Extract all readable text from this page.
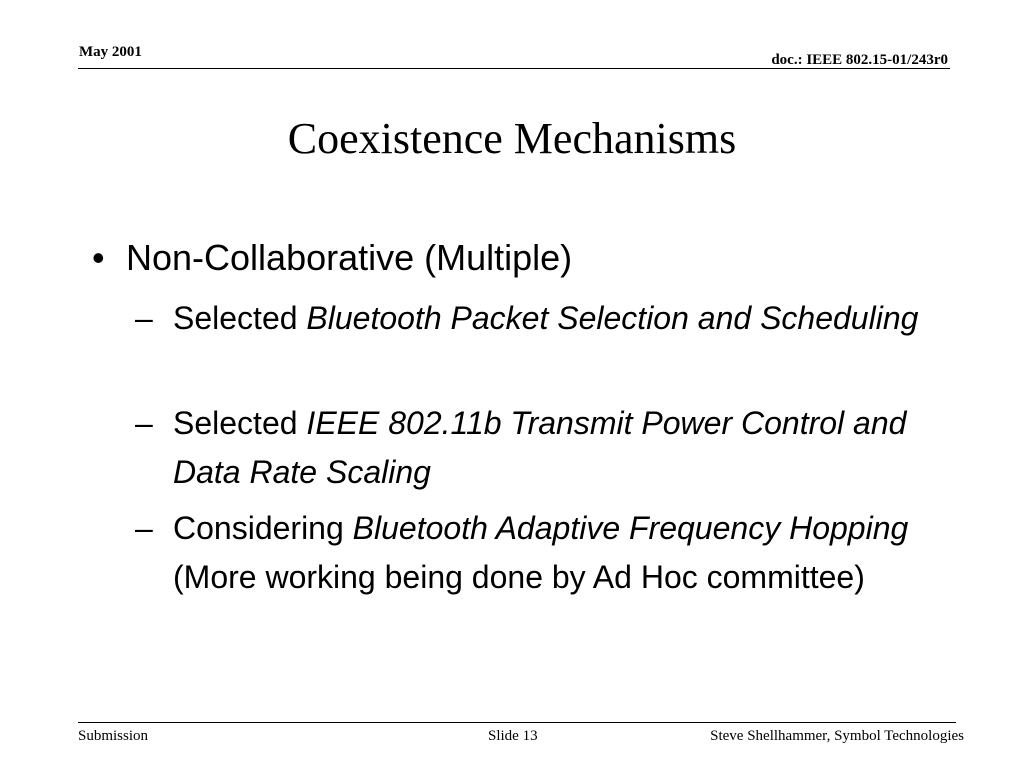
May 2001	doc.: IEEE 802.15-01/243r0
Coexistence Mechanisms
• Non-Collaborative (Multiple)
– Selected Bluetooth Packet Selection and Scheduling
– Selected IEEE 802.11b Transmit Power Control and Data Rate Scaling
– Considering Bluetooth Adaptive Frequency Hopping (More working being done by Ad Hoc committee)
Submission	Slide 13	Steve Shellhammer, Symbol Technologies
